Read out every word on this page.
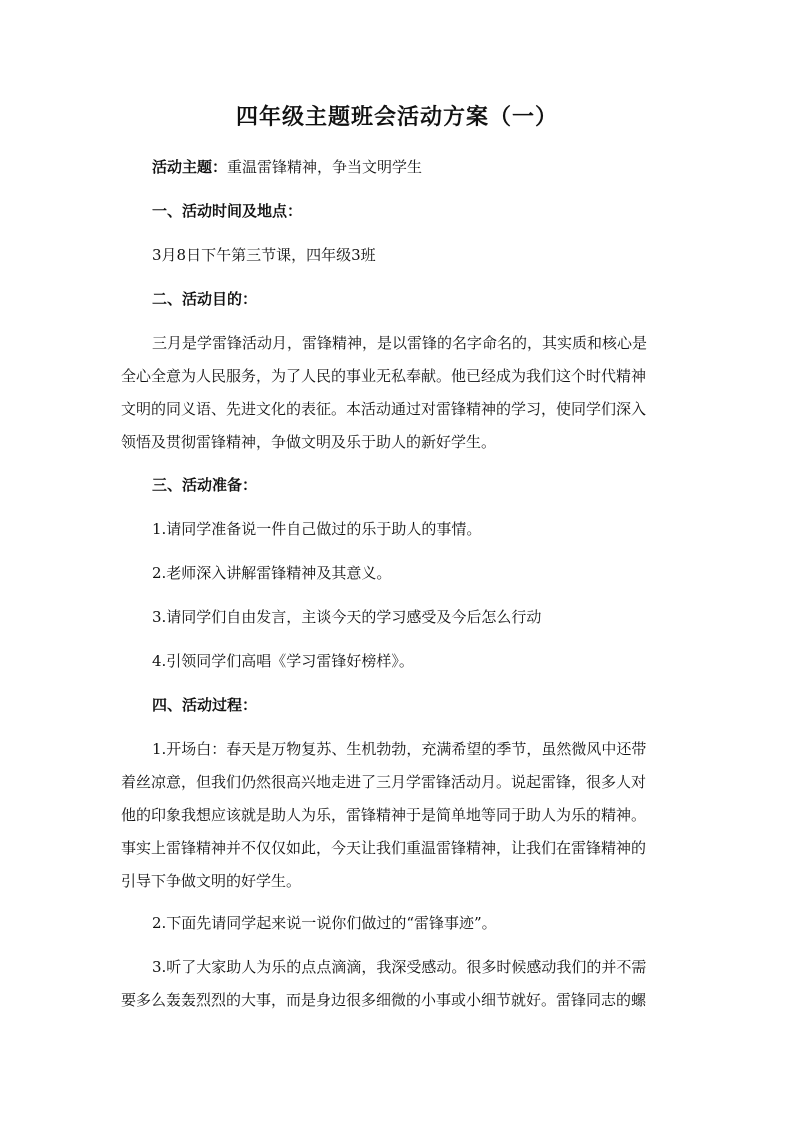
四年级主题班会活动方案（一）
活动主题：重温雷锋精神，争当文明学生
一、活动时间及地点：
3月8日下午第三节课，四年级3班
二、活动目的：
三月是学雷锋活动月，雷锋精神，是以雷锋的名字命名的，其实质和核心是
全心全意为人民服务，为了人民的事业无私奉献。他已经成为我们这个时代精神
文明的同义语、先进文化的表征。本活动通过对雷锋精神的学习，使同学们深入
领悟及贯彻雷锋精神，争做文明及乐于助人的新好学生。
三、活动准备：
1.请同学准备说一件自己做过的乐于助人的事情。
2.老师深入讲解雷锋精神及其意义。
3.请同学们自由发言，主谈今天的学习感受及今后怎么行动
4.引领同学们高唱《学习雷锋好榜样》。
四、活动过程：
1.开场白：春天是万物复苏、生机勃勃，充满希望的季节，虽然微风中还带
着丝凉意，但我们仍然很高兴地走进了三月学雷锋活动月。说起雷锋，很多人对
他的印象我想应该就是助人为乐，雷锋精神于是简单地等同于助人为乐的精神。
事实上雷锋精神并不仅仅如此，今天让我们重温雷锋精神，让我们在雷锋精神的
引导下争做文明的好学生。
2.下面先请同学起来说一说你们做过的“雷锋事迹”。
3.听了大家助人为乐的点点滴滴，我深受感动。很多时候感动我们的并不需
要多么轰轰烈烈的大事，而是身边很多细微的小事或小细节就好。雷锋同志的螺
